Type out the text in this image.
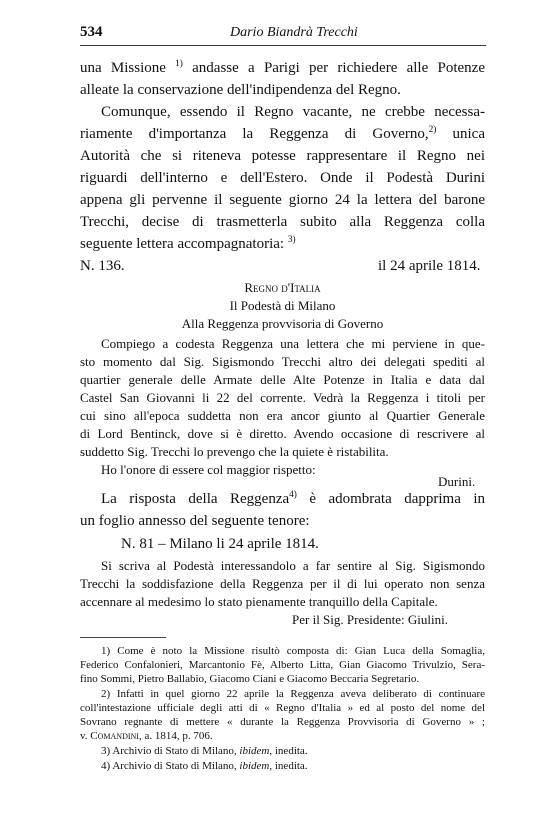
534	Dario Biandrà Trecchi
una Missione $^{1)}$ andasse a Parigi per richiedere alle Potenze
alleate la conservazione dell'indipendenza del Regno.
Comunque, essendo il Regno vacante, ne crebbe necessa-
riamente d'importanza la Reggenza di Governo,$^{2)}$ unica
Autorità che si riteneva potesse rappresentare il Regno nei
riguardi dell'interno e dell'Estero. Onde il Podestà Durini
appena gli pervenne il seguente giorno 24 la lettera del barone
Trecchi, decise di trasmetterla subito alla Reggenza colla
seguente lettera accompagnatoria: $^{3)}$
N. 136.	il 24 aprile 1814.
Regno d'Italia
Il Podestà di Milano
Alla Reggenza provvisoria di Governo
Compiego a codesta Reggenza una lettera che mi perviene in que-
sto momento dal Sig. Sigismondo Trecchi altro dei delegati spediti al
quartier generale delle Armate delle Alte Potenze in Italia e data dal
Castel San Giovanni li 22 del corrente. Vedrà la Reggenza i titoli per
cui sino all'epoca suddetta non era ancor giunto al Quartier Generale
di Lord Bentinck, dove si è diretto. Avendo occasione di rescrivere al
suddetto Sig. Trecchi lo prevengo che la quiete è ristabilita.
Ho l'onore di essere col maggior rispetto:
Durini.
La risposta della Reggenza$^{4)}$ è adombrata dapprima in
un foglio annesso del seguente tenore:
N. 81 – Milano li 24 aprile 1814.
Si scriva al Podestà interessandolo a far sentire al Sig. Sigismondo
Trecchi la soddisfazione della Reggenza per il di lui operato non senza
accennare al medesimo lo stato pienamente tranquillo della Capitale.
Per il Sig. Presidente: Giulini.
1) Come è noto la Missione risultò composta di: Gian Luca della Somaglia,
Federico Confalonieri, Marcantonio Fè, Alberto Litta, Gian Giacomo Trivulzio, Sera-
fino Sommi, Pietro Ballabio, Giacomo Ciani e Giacomo Beccaria Segretario.
2) Infatti in quel giorno 22 aprile la Reggenza aveva deliberato di continuare
coll'intestazione ufficiale degli atti di « Regno d'Italia » ed al posto del nome del
Sovrano regnante di mettere « durante la Reggenza Provvisoria di Governo » ;
v. Comandini, a. 1814, p. 706.
3) Archivio di Stato di Milano, ibidem, inedita.
4) Archivio di Stato di Milano, ibidem, inedita.
